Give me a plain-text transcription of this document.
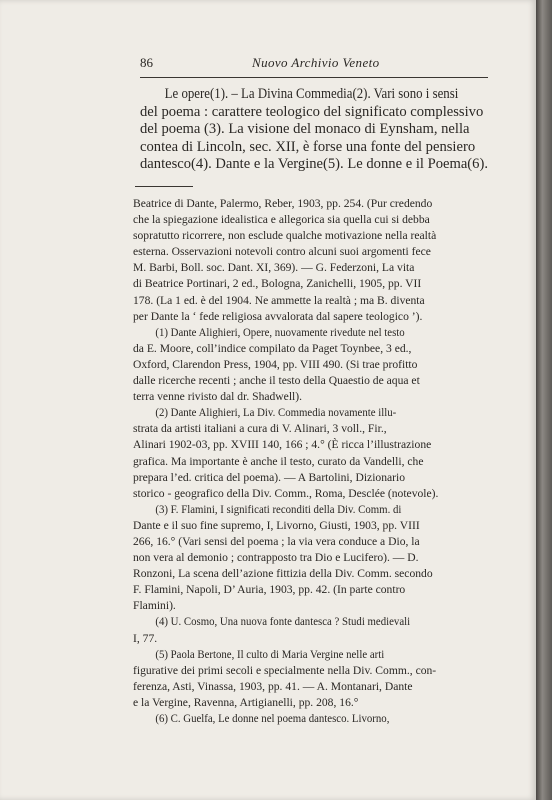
86	Nuovo Archivio Veneto

Le opere(1). – La Divina Commedia(2). Vari sono i sensi
del poema : carattere teologico del significato complessivo
del poema (3). La visione del monaco di Eynsham, nella
contea di Lincoln, sec. XII, è forse una fonte del pensiero
dantesco(4). Dante e la Vergine(5). Le donne e il Poema(6).

Beatrice di Dante, Palermo, Reber, 1903, pp. 254. (Pur credendo
che la spiegazione idealistica e allegorica sia quella cui si debba
sopratutto ricorrere, non esclude qualche motivazione nella realtà
esterna. Osservazioni notevoli contro alcuni suoi argomenti fece
M. Barbi, Boll. soc. Dant. XI, 369). — G. Federzoni, La vita
di Beatrice Portinari, 2 ed., Bologna, Zanichelli, 1905, pp. VII
178. (La 1 ed. è del 1904. Ne ammette la realtà ; ma B. diventa
per Dante la ‘ fede religiosa avvalorata dal sapere teologico ’).
(1) Dante Alighieri, Opere, nuovamente rivedute nel testo
da E. Moore, coll’indice compilato da Paget Toynbee, 3 ed.,
Oxford, Clarendon Press, 1904, pp. VIII 490. (Si trae profitto
dalle ricerche recenti ; anche il testo della Quaestio de aqua et
terra venne rivisto dal dr. Shadwell).
(2) Dante Alighieri, La Div. Commedia novamente illu-
strata da artisti italiani a cura di V. Alinari, 3 voll., Fir.,
Alinari 1902-03, pp. XVIII 140, 166 ; 4.° (È ricca l’illustrazione
grafica. Ma importante è anche il testo, curato da Vandelli, che
prepara l’ed. critica del poema). — A Bartolini, Dizionario
storico - geografico della Div. Comm., Roma, Desclée (notevole).
(3) F. Flamini, I significati reconditi della Div. Comm. di
Dante e il suo fine supremo, I, Livorno, Giusti, 1903, pp. VIII
266, 16.° (Vari sensi del poema ; la via vera conduce a Dio, la
non vera al demonio ; contrapposto tra Dio e Lucifero). — D.
Ronzoni, La scena dell’azione fittizia della Div. Comm. secondo
F. Flamini, Napoli, D’ Auria, 1903, pp. 42. (In parte contro
Flamini).
(4) U. Cosmo, Una nuova fonte dantesca ? Studi medievali
I, 77.
(5) Paola Bertone, Il culto di Maria Vergine nelle arti
figurative dei primi secoli e specialmente nella Div. Comm., con-
ferenza, Asti, Vinassa, 1903, pp. 41. — A. Montanari, Dante
e la Vergine, Ravenna, Artigianelli, pp. 208, 16.°
(6) C. Guelfa, Le donne nel poema dantesco. Livorno,
